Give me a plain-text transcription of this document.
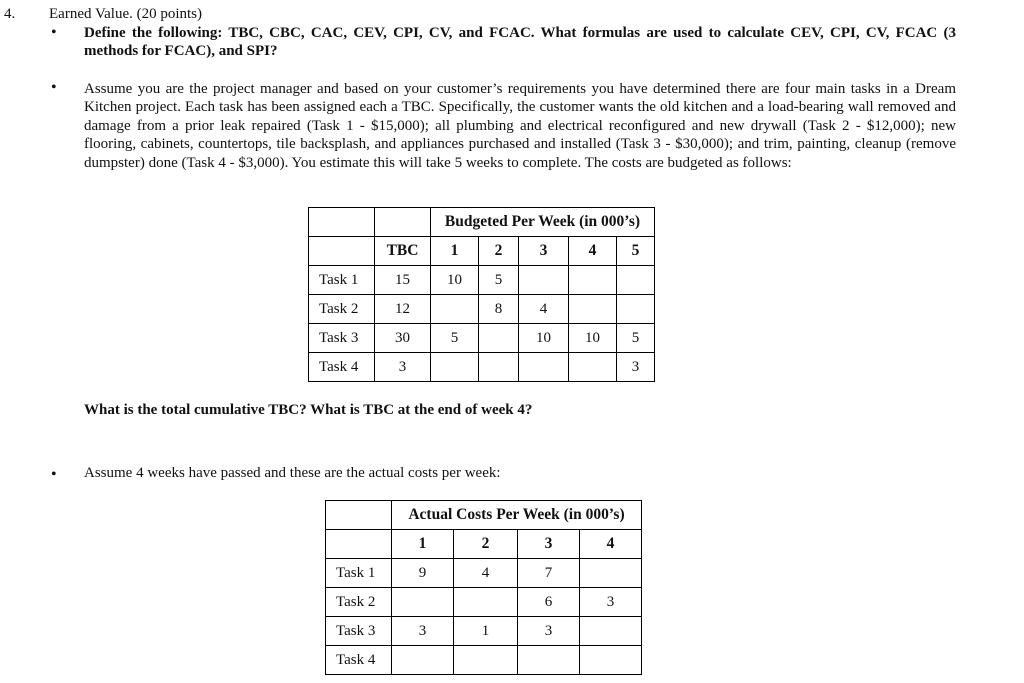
4. Earned Value. (20 points)
• Define the following: TBC, CBC, CAC, CEV, CPI, CV, and FCAC. What formulas are used to calculate CEV, CPI, CV, FCAC (3 methods for FCAC), and SPI?
• Assume you are the project manager and based on your customer’s requirements you have determined there are four main tasks in a Dream Kitchen project. Each task has been assigned each a TBC. Specifically, the customer wants the old kitchen and a load-bearing wall removed and damage from a prior leak repaired (Task 1 - $15,000); all plumbing and electrical reconfigured and new drywall (Task 2 - $12,000); new flooring, cabinets, countertops, tile backsplash, and appliances purchased and installed (Task 3 - $30,000); and trim, painting, cleanup (remove dumpster) done (Task 4 - $3,000). You estimate this will take 5 weeks to complete. The costs are budgeted as follows:
		Budgeted Per Week (in 000’s)				
	TBC	1	2	3	4	5
Task 1	15	10	5			
Task 2	12		8	4		
Task 3	30	5		10	10	5
Task 4	3					3
What is the total cumulative TBC? What is TBC at the end of week 4?
• Assume 4 weeks have passed and these are the actual costs per week:
	Actual Costs Per Week (in 000’s)			
	1	2	3	4
Task 1	9	4	7	
Task 2			6	3
Task 3	3	1	3	
Task 4				
